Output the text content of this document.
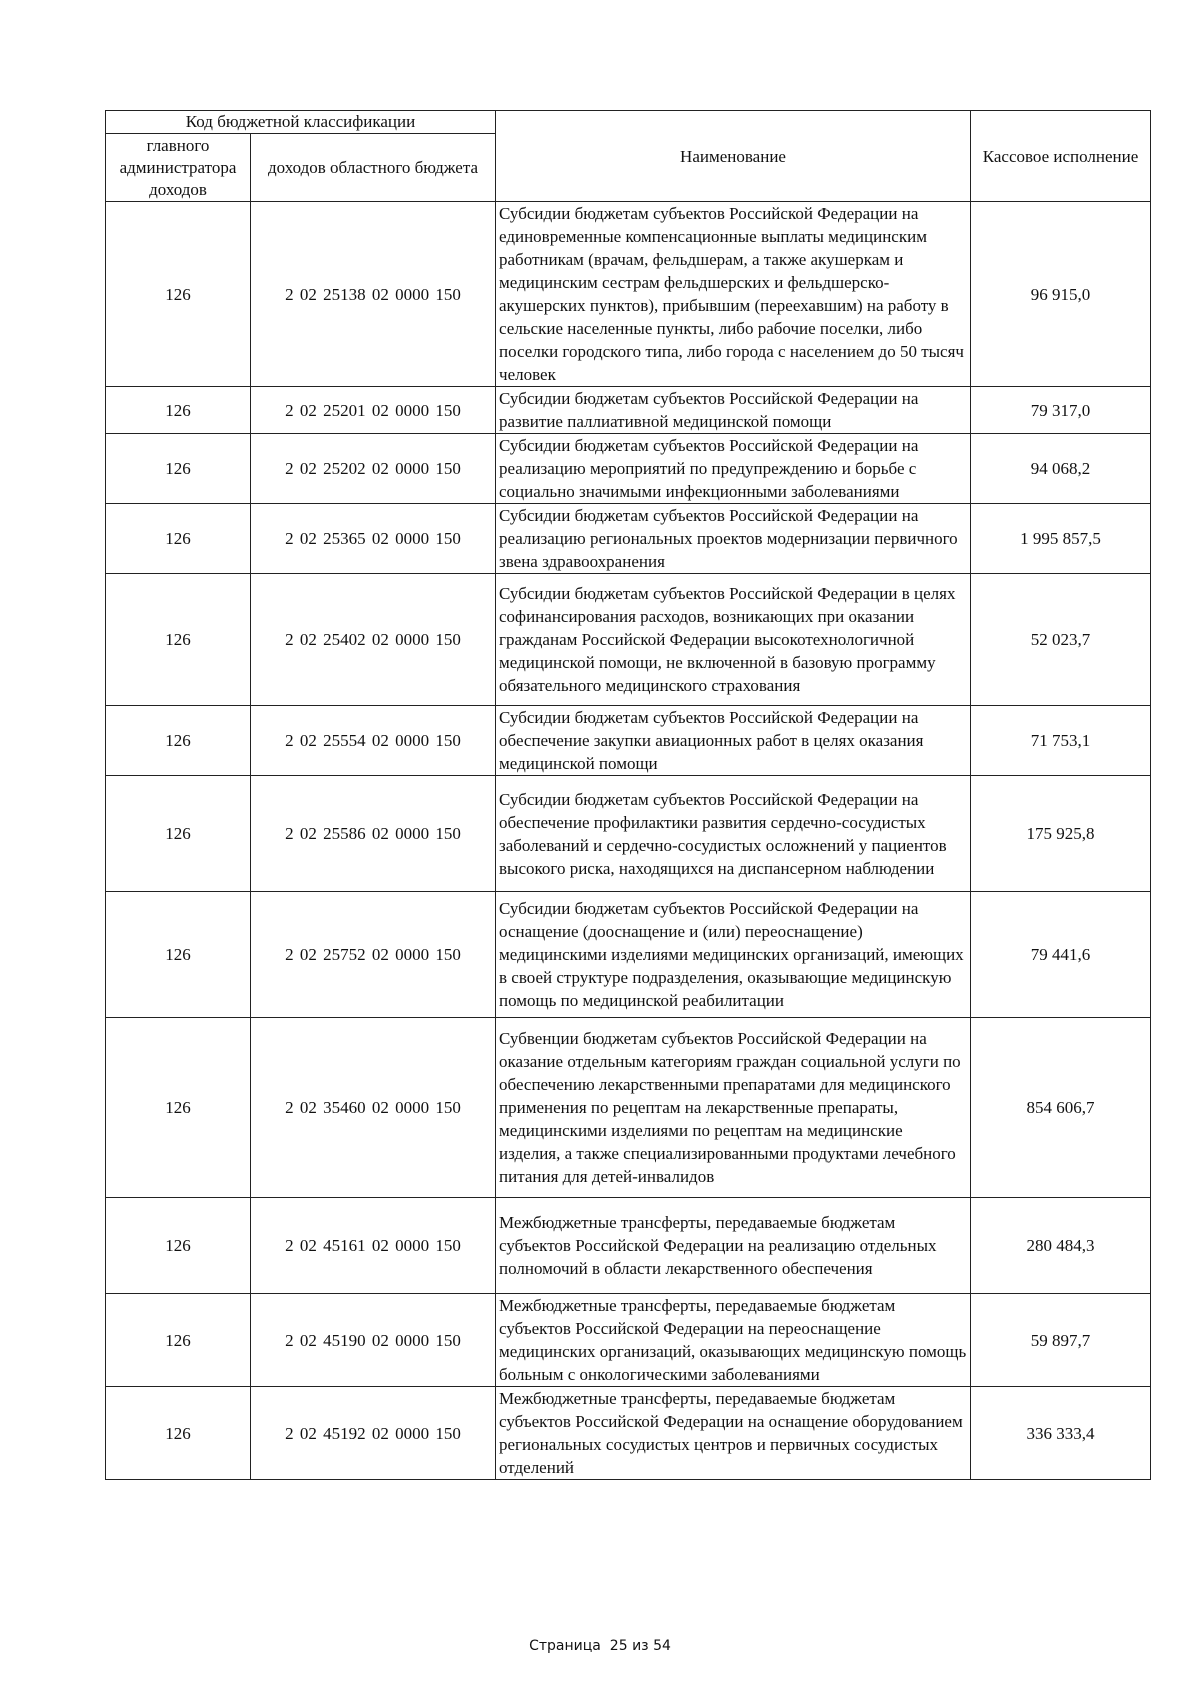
Код бюджетной классификации		Наименование	Кассовое исполнение
главного администратора доходов	доходов областного бюджета		
126	2 02 25138 02 0000 150	Субсидии бюджетам субъектов Российской Федерации на единовременные компенсационные выплаты медицинским работникам (врачам, фельдшерам, а также акушеркам и медицинским сестрам фельдшерских и фельдшерско-акушерских пунктов), прибывшим (переехавшим) на работу в сельские населенные пункты, либо рабочие поселки, либо поселки городского типа, либо города с населением до 50 тысяч человек	96 915,0
126	2 02 25201 02 0000 150	Субсидии бюджетам субъектов Российской Федерации на развитие паллиативной медицинской помощи	79 317,0
126	2 02 25202 02 0000 150	Субсидии бюджетам субъектов Российской Федерации на реализацию мероприятий по предупреждению и борьбе с социально значимыми инфекционными заболеваниями	94 068,2
126	2 02 25365 02 0000 150	Субсидии бюджетам субъектов Российской Федерации на реализацию региональных проектов модернизации первичного звена здравоохранения	1 995 857,5
126	2 02 25402 02 0000 150	Субсидии бюджетам субъектов Российской Федерации в целях софинансирования расходов, возникающих при оказании гражданам Российской Федерации высокотехнологичной медицинской помощи, не включенной в базовую программу обязательного медицинского страхования	52 023,7
126	2 02 25554 02 0000 150	Субсидии бюджетам субъектов Российской Федерации на обеспечение закупки авиационных работ в целях оказания медицинской помощи	71 753,1
126	2 02 25586 02 0000 150	Субсидии бюджетам субъектов Российской Федерации на обеспечение профилактики развития сердечно-сосудистых заболеваний и сердечно-сосудистых осложнений у пациентов высокого риска, находящихся на диспансерном наблюдении	175 925,8
126	2 02 25752 02 0000 150	Субсидии бюджетам субъектов Российской Федерации на оснащение (дооснащение и (или) переоснащение) медицинскими изделиями медицинских организаций, имеющих в своей структуре подразделения, оказывающие медицинскую помощь по медицинской реабилитации	79 441,6
126	2 02 35460 02 0000 150	Субвенции бюджетам субъектов Российской Федерации на оказание отдельным категориям граждан социальной услуги по обеспечению лекарственными препаратами для медицинского применения по рецептам на лекарственные препараты, медицинскими изделиями по рецептам на медицинские изделия, а также специализированными продуктами лечебного питания для детей-инвалидов	854 606,7
126	2 02 45161 02 0000 150	Межбюджетные трансферты, передаваемые бюджетам субъектов Российской Федерации на реализацию отдельных полномочий в области лекарственного обеспечения	280 484,3
126	2 02 45190 02 0000 150	Межбюджетные трансферты, передаваемые бюджетам субъектов Российской Федерации на переоснащение медицинских организаций, оказывающих медицинскую помощь больным с онкологическими заболеваниями	59 897,7
126	2 02 45192 02 0000 150	Межбюджетные трансферты, передаваемые бюджетам субъектов Российской Федерации на оснащение оборудованием региональных сосудистых центров и первичных сосудистых отделений	336 333,4
Страница 25 из 54
